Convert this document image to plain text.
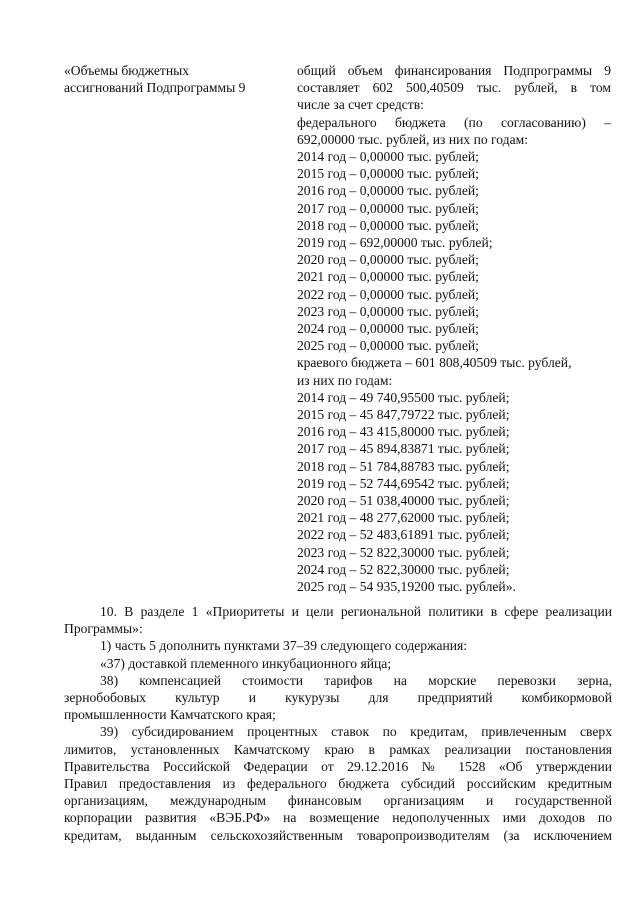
«Объемы бюджетных
ассигнований Подпрограммы 9
общий объем финансирования Подпрограммы 9
составляет 602 500,40509 тыс. рублей, в том
числе за счет средств:
федерального бюджета (по согласованию) –
692,00000 тыс. рублей, из них по годам:
2014 год – 0,00000 тыс. рублей;
2015 год – 0,00000 тыс. рублей;
2016 год – 0,00000 тыс. рублей;
2017 год – 0,00000 тыс. рублей;
2018 год – 0,00000 тыс. рублей;
2019 год – 692,00000 тыс. рублей;
2020 год – 0,00000 тыс. рублей;
2021 год – 0,00000 тыс. рублей;
2022 год – 0,00000 тыс. рублей;
2023 год – 0,00000 тыс. рублей;
2024 год – 0,00000 тыс. рублей;
2025 год – 0,00000 тыс. рублей;
краевого бюджета – 601 808,40509 тыс. рублей,
из них по годам:
2014 год – 49 740,95500 тыс. рублей;
2015 год – 45 847,79722 тыс. рублей;
2016 год – 43 415,80000 тыс. рублей;
2017 год – 45 894,83871 тыс. рублей;
2018 год – 51 784,88783 тыс. рублей;
2019 год – 52 744,69542 тыс. рублей;
2020 год – 51 038,40000 тыс. рублей;
2021 год – 48 277,62000 тыс. рублей;
2022 год – 52 483,61891 тыс. рублей;
2023 год – 52 822,30000 тыс. рублей;
2024 год – 52 822,30000 тыс. рублей;
2025 год – 54 935,19200 тыс. рублей».
10. В разделе 1 «Приоритеты и цели региональной политики в сфере реализации
Программы»:
1) часть 5 дополнить пунктами 37–39 следующего содержания:
«37) доставкой племенного инкубационного яйца;
38) компенсацией стоимости тарифов на морские перевозки зерна,
зернобобовых культур и кукурузы для предприятий комбикормовой
промышленности Камчатского края;
39) субсидированием процентных ставок по кредитам, привлеченным сверх
лимитов, установленных Камчатскому краю в рамках реализации постановления
Правительства Российской Федерации от 29.12.2016 № 1528 «Об утверждении
Правил предоставления из федерального бюджета субсидий российским кредитным
организациям, международным финансовым организациям и государственной
корпорации развития «ВЭБ.РФ» на возмещение недополученных ими доходов по
кредитам, выданным сельскохозяйственным товаропроизводителям (за исключением
